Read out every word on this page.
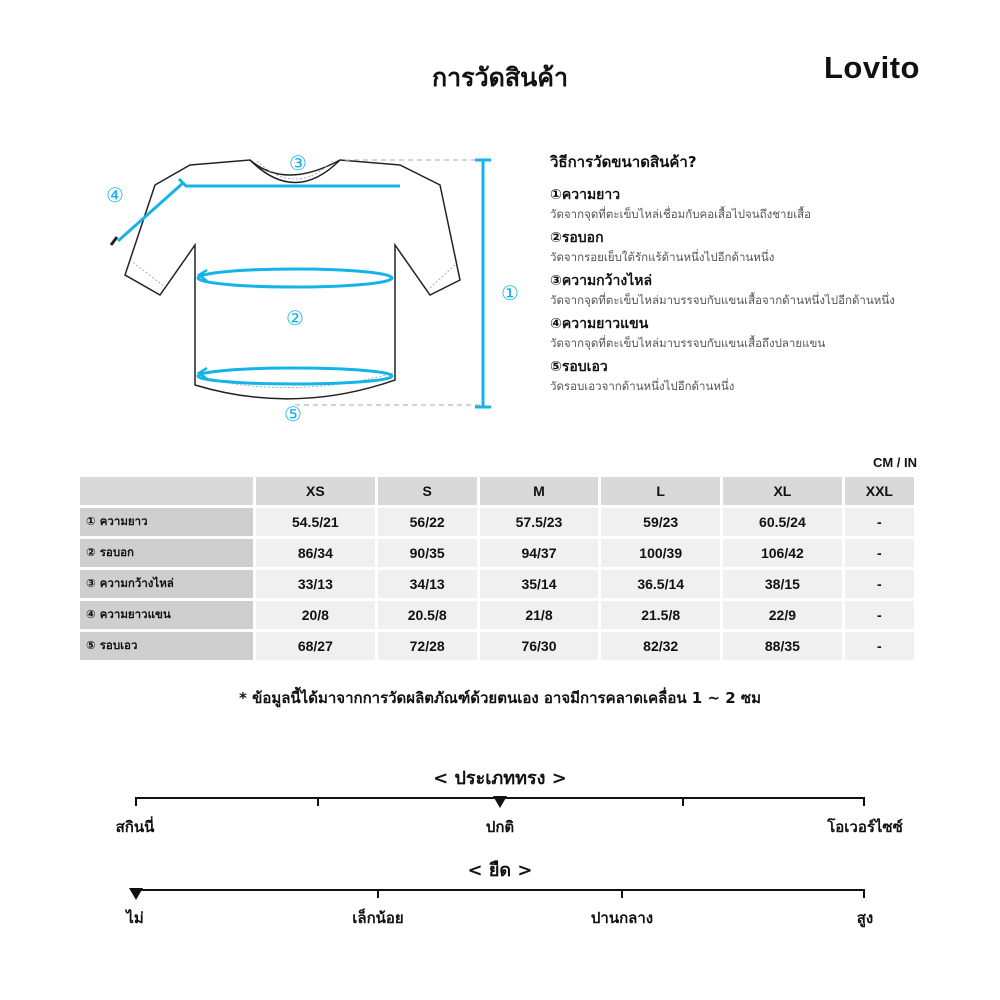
การวัดสินค้า	Lovito
①
②
③
④
⑤
วิธีการวัดขนาดสินค้า?
①ความยาว
วัดจากจุดที่ตะเข็บไหล่เชื่อมกับคอเสื้อไปจนถึงชายเสื้อ
②รอบอก
วัดจากรอยเย็บใต้รักแร้ด้านหนึ่งไปอีกด้านหนึ่ง
③ความกว้างไหล่
วัดจากจุดที่ตะเข็บไหล่มาบรรจบกับแขนเสื้อจากด้านหนึ่งไปอีกด้านหนึ่ง
④ความยาวแขน
วัดจากจุดที่ตะเข็บไหล่มาบรรจบกับแขนเสื้อถึงปลายแขน
⑤รอบเอว
วัดรอบเอวจากด้านหนึ่งไปอีกด้านหนึ่ง
CM / IN
	XS	S	M	L	XL	XXL
① ความยาว	54.5/21	56/22	57.5/23	59/23	60.5/24	-
② รอบอก	86/34	90/35	94/37	100/39	106/42	-
③ ความกว้างไหล่	33/13	34/13	35/14	36.5/14	38/15	-
④ ความยาวแขน	20/8	20.5/8	21/8	21.5/8	22/9	-
⑤ รอบเอว	68/27	72/28	76/30	82/32	88/35	-
* ข้อมูลนี้ได้มาจากการวัดผลิตภัณฑ์ด้วยตนเอง อาจมีการคลาดเคลื่อน 1 ~ 2 ซม
< ประเภททรง >
สกินนี่	ปกติ	โอเวอร์ไซซ์
< ยืด >
ไม่	เล็กน้อย	ปานกลาง	สูง
